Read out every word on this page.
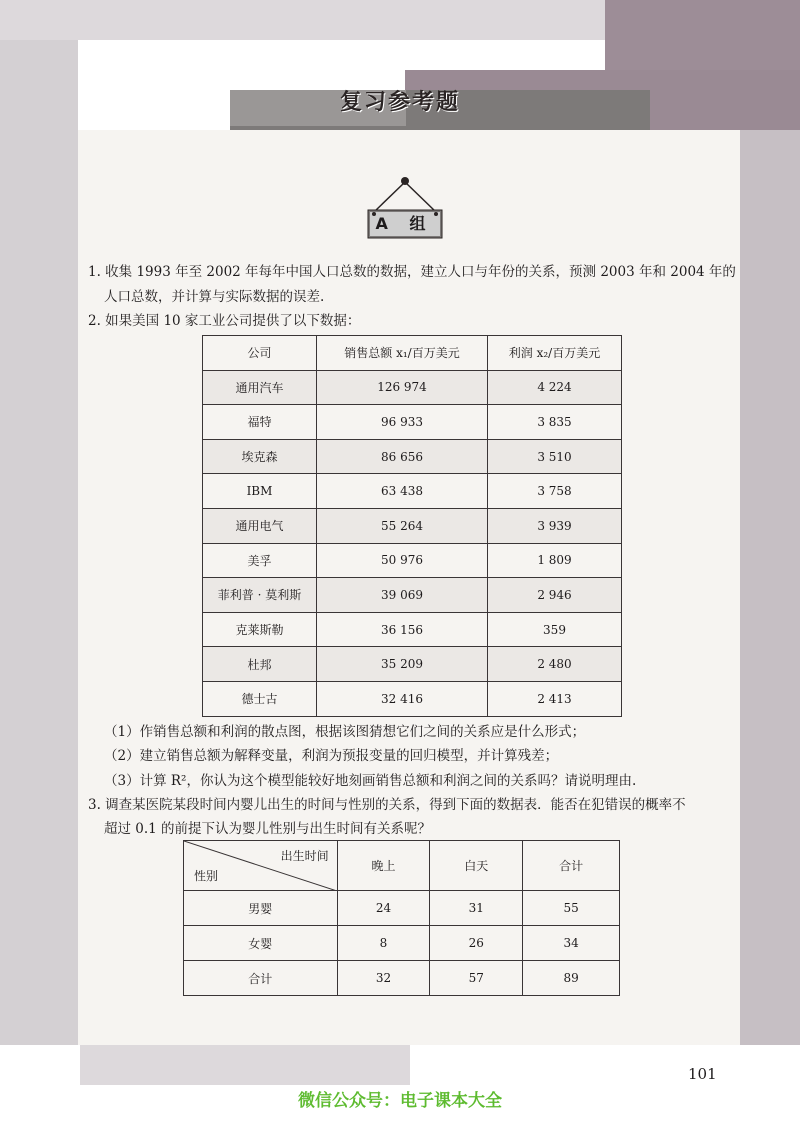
复习参考题
A 组
1. 收集 1993 年至 2002 年每年中国人口总数的数据，建立人口与年份的关系，预测 2003 年和 2004 年的
人口总数，并计算与实际数据的误差.
2. 如果美国 10 家工业公司提供了以下数据：
公司	销售总额 x₁/百万美元	利润 x₂/百万美元
通用汽车	126 974	4 224
福特	96 933	3 835
埃克森	86 656	3 510
IBM	63 438	3 758
通用电气	55 264	3 939
美孚	50 976	1 809
菲利普 · 莫利斯	39 069	2 946
克莱斯勒	36 156	359
杜邦	35 209	2 480
德士古	32 416	2 413
（1）作销售总额和利润的散点图，根据该图猜想它们之间的关系应是什么形式；
（2）建立销售总额为解释变量，利润为预报变量的回归模型，并计算残差；
（3）计算 R²，你认为这个模型能较好地刻画销售总额和利润之间的关系吗？请说明理由.
3. 调查某医院某段时间内婴儿出生的时间与性别的关系，得到下面的数据表．能否在犯错误的概率不
超过 0.1 的前提下认为婴儿性别与出生时间有关系呢？
出生时间
性别	晚上	白天	合计
男婴	24	31	55
女婴	8	26	34
合计	32	57	89
101
微信公众号：电子课本大全
